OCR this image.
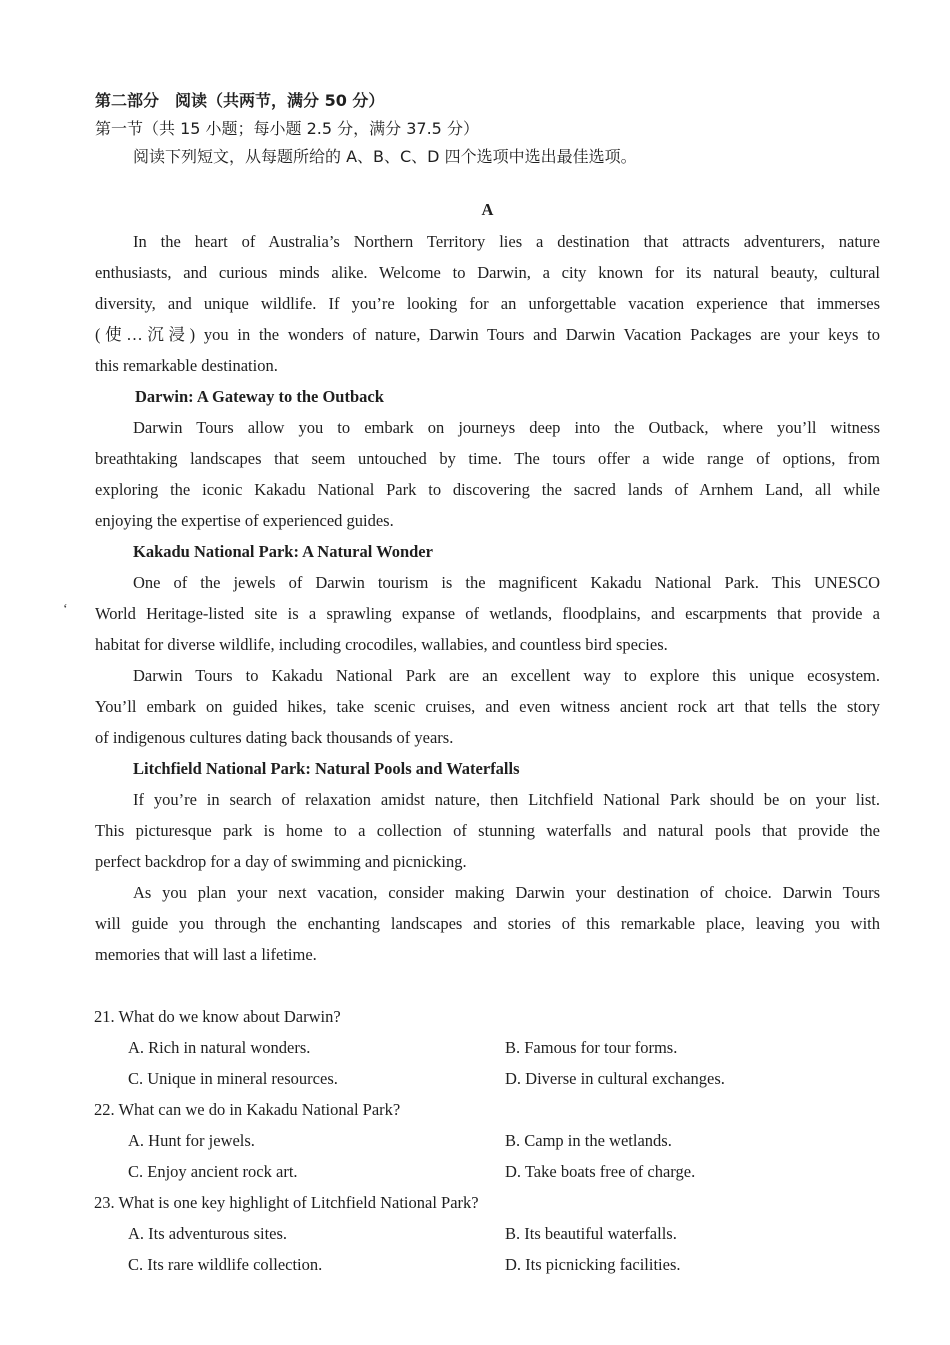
第二部分　阅读（共两节，满分 50 分）
第一节（共 15 小题；每小题 2.5 分，满分 37.5 分）
阅读下列短文，从每题所给的 A、B、C、D 四个选项中选出最佳选项。
A
In the heart of Australia’s Northern Territory lies a destination that attracts adventurers, nature
enthusiasts, and curious minds alike. Welcome to Darwin, a city known for its natural beauty, cultural
diversity, and unique wildlife. If you’re looking for an unforgettable vacation experience that immerses
(使…沉浸) you in the wonders of nature, Darwin Tours and Darwin Vacation Packages are your keys to
this remarkable destination.
Darwin: A Gateway to the Outback
Darwin Tours allow you to embark on journeys deep into the Outback, where you’ll witness
breathtaking landscapes that seem untouched by time. The tours offer a wide range of options, from
exploring the iconic Kakadu National Park to discovering the sacred lands of Arnhem Land, all while
enjoying the expertise of experienced guides.
Kakadu National Park: A Natural Wonder
One of the jewels of Darwin tourism is the magnificent Kakadu National Park. This UNESCO
World Heritage-listed site is a sprawling expanse of wetlands, floodplains, and escarpments that provide a
habitat for diverse wildlife, including crocodiles, wallabies, and countless bird species.
‘
Darwin Tours to Kakadu National Park are an excellent way to explore this unique ecosystem.
You’ll embark on guided hikes, take scenic cruises, and even witness ancient rock art that tells the story
of indigenous cultures dating back thousands of years.
Litchfield National Park: Natural Pools and Waterfalls
If you’re in search of relaxation amidst nature, then Litchfield National Park should be on your list.
This picturesque park is home to a collection of stunning waterfalls and natural pools that provide the
perfect backdrop for a day of swimming and picnicking.
As you plan your next vacation, consider making Darwin your destination of choice. Darwin Tours
will guide you through the enchanting landscapes and stories of this remarkable place, leaving you with
memories that will last a lifetime.
21. What do we know about Darwin?
A. Rich in natural wonders.	B. Famous for tour forms.
C. Unique in mineral resources.	D. Diverse in cultural exchanges.
22. What can we do in Kakadu National Park?
A. Hunt for jewels.	B. Camp in the wetlands.
C. Enjoy ancient rock art.	D. Take boats free of charge.
23. What is one key highlight of Litchfield National Park?
A. Its adventurous sites.	B. Its beautiful waterfalls.
C. Its rare wildlife collection.	D. Its picnicking facilities.
